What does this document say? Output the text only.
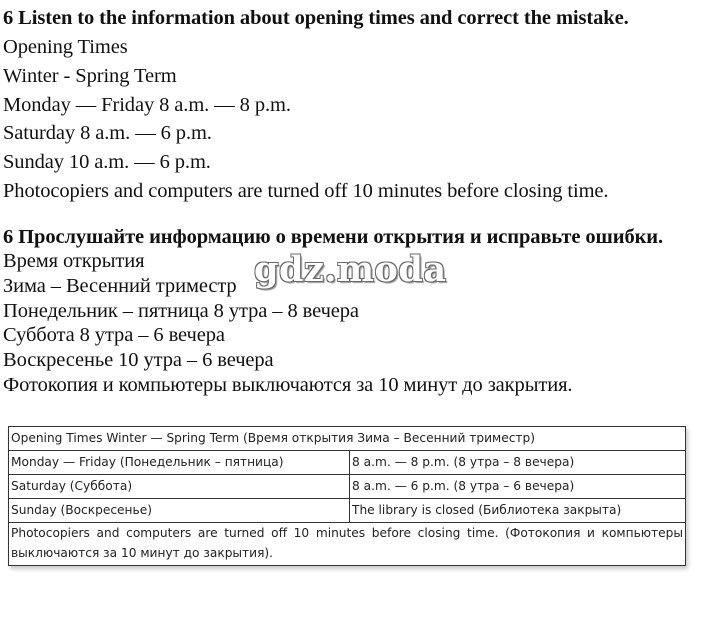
6 Listen to the information about opening times and correct the mistake.
Opening Times
Winter - Spring Term
Monday — Friday 8 a.m. — 8 p.m.
Saturday 8 a.m. — 6 p.m.
Sunday 10 a.m. — 6 p.m.
Photocopiers and computers are turned off 10 minutes before closing time.
6 Прослушайте информацию о времени открытия и исправьте ошибки.
Время открытия
Зима – Весенний триместр
Понедельник – пятница 8 утра – 8 вечера
Суббота 8 утра – 6 вечера
Воскресенье 10 утра – 6 вечера
Фотокопия и компьютеры выключаются за 10 минут до закрытия.
gdz.moda
Opening Times Winter — Spring Term (Время открытия Зима – Весенний триместр)	
Monday — Friday (Понедельник – пятница)	8 a.m. — 8 p.m. (8 утра – 8 вечера)
Saturday (Суббота)	8 a.m. — 6 p.m. (8 утра – 6 вечера)
Sunday (Воскресенье)	The library is closed (Библиотека закрыта)
Photocopiers and computers are turned off 10 minutes before closing time. (Фотокопия и компьютеры выключаются за 10 минут до закрытия).	
